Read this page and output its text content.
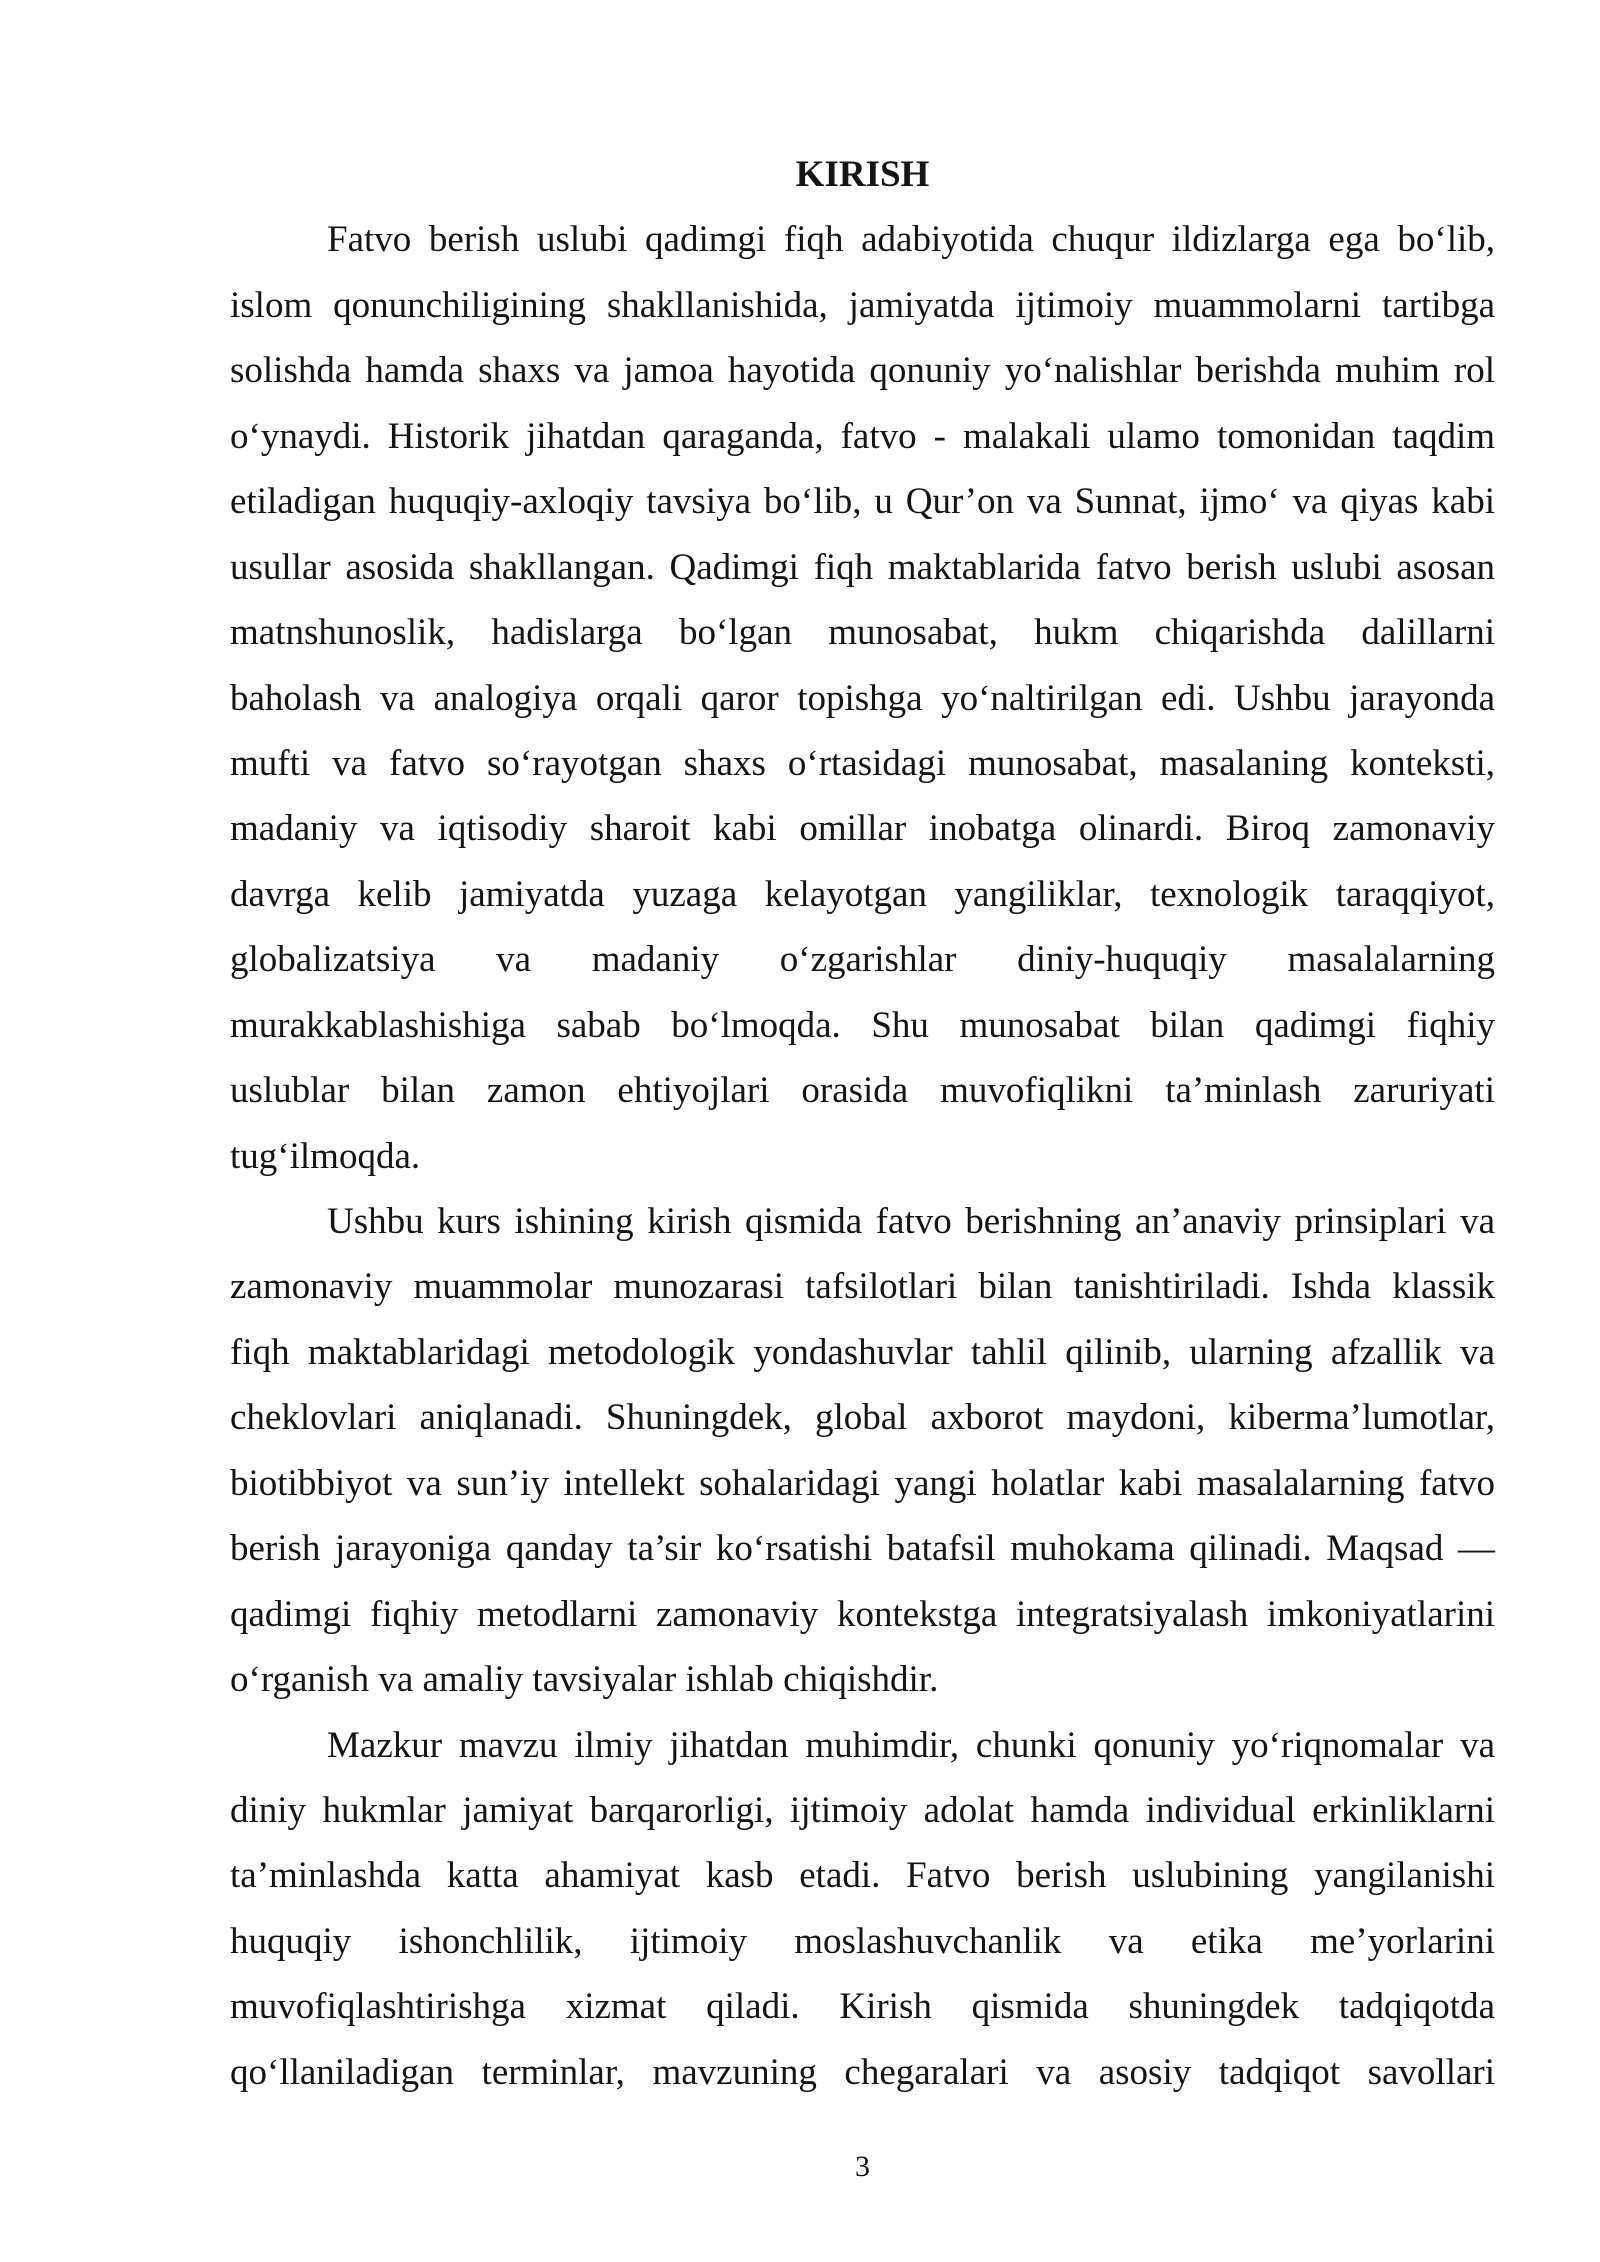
KIRISH
Fatvo berish uslubi qadimgi fiqh adabiyotida chuqur ildizlarga ega bo‘lib,
islom qonunchiligining shakllanishida, jamiyatda ijtimoiy muammolarni tartibga
solishda hamda shaxs va jamoa hayotida qonuniy yo‘nalishlar berishda muhim rol
o‘ynaydi. Historik jihatdan qaraganda, fatvo - malakali ulamo tomonidan taqdim
etiladigan huquqiy-axloqiy tavsiya bo‘lib, u Qur’on va Sunnat, ijmo‘ va qiyas kabi
usullar asosida shakllangan. Qadimgi fiqh maktablarida fatvo berish uslubi asosan
matnshunoslik, hadislarga bo‘lgan munosabat, hukm chiqarishda dalillarni
baholash va analogiya orqali qaror topishga yo‘naltirilgan edi. Ushbu jarayonda
mufti va fatvo so‘rayotgan shaxs o‘rtasidagi munosabat, masalaning konteksti,
madaniy va iqtisodiy sharoit kabi omillar inobatga olinardi. Biroq zamonaviy
davrga kelib jamiyatda yuzaga kelayotgan yangiliklar, texnologik taraqqiyot,
globalizatsiya va madaniy o‘zgarishlar diniy-huquqiy masalalarning
murakkablashishiga sabab bo‘lmoqda. Shu munosabat bilan qadimgi fiqhiy
uslublar bilan zamon ehtiyojlari orasida muvofiqlikni ta’minlash zaruriyati
tug‘ilmoqda.
Ushbu kurs ishining kirish qismida fatvo berishning an’anaviy prinsiplari va
zamonaviy muammolar munozarasi tafsilotlari bilan tanishtiriladi. Ishda klassik
fiqh maktablaridagi metodologik yondashuvlar tahlil qilinib, ularning afzallik va
cheklovlari aniqlanadi. Shuningdek, global axborot maydoni, kiberma’lumotlar,
biotibbiyot va sun’iy intellekt sohalaridagi yangi holatlar kabi masalalarning fatvo
berish jarayoniga qanday ta’sir ko‘rsatishi batafsil muhokama qilinadi. Maqsad —
qadimgi fiqhiy metodlarni zamonaviy kontekstga integratsiyalash imkoniyatlarini
o‘rganish va amaliy tavsiyalar ishlab chiqishdir.
Mazkur mavzu ilmiy jihatdan muhimdir, chunki qonuniy yo‘riqnomalar va
diniy hukmlar jamiyat barqarorligi, ijtimoiy adolat hamda individual erkinliklarni
ta’minlashda katta ahamiyat kasb etadi. Fatvo berish uslubining yangilanishi
huquqiy ishonchlilik, ijtimoiy moslashuvchanlik va etika me’yorlarini
muvofiqlashtirishga xizmat qiladi. Kirish qismida shuningdek tadqiqotda
qo‘llaniladigan terminlar, mavzuning chegaralari va asosiy tadqiqot savollari
3
